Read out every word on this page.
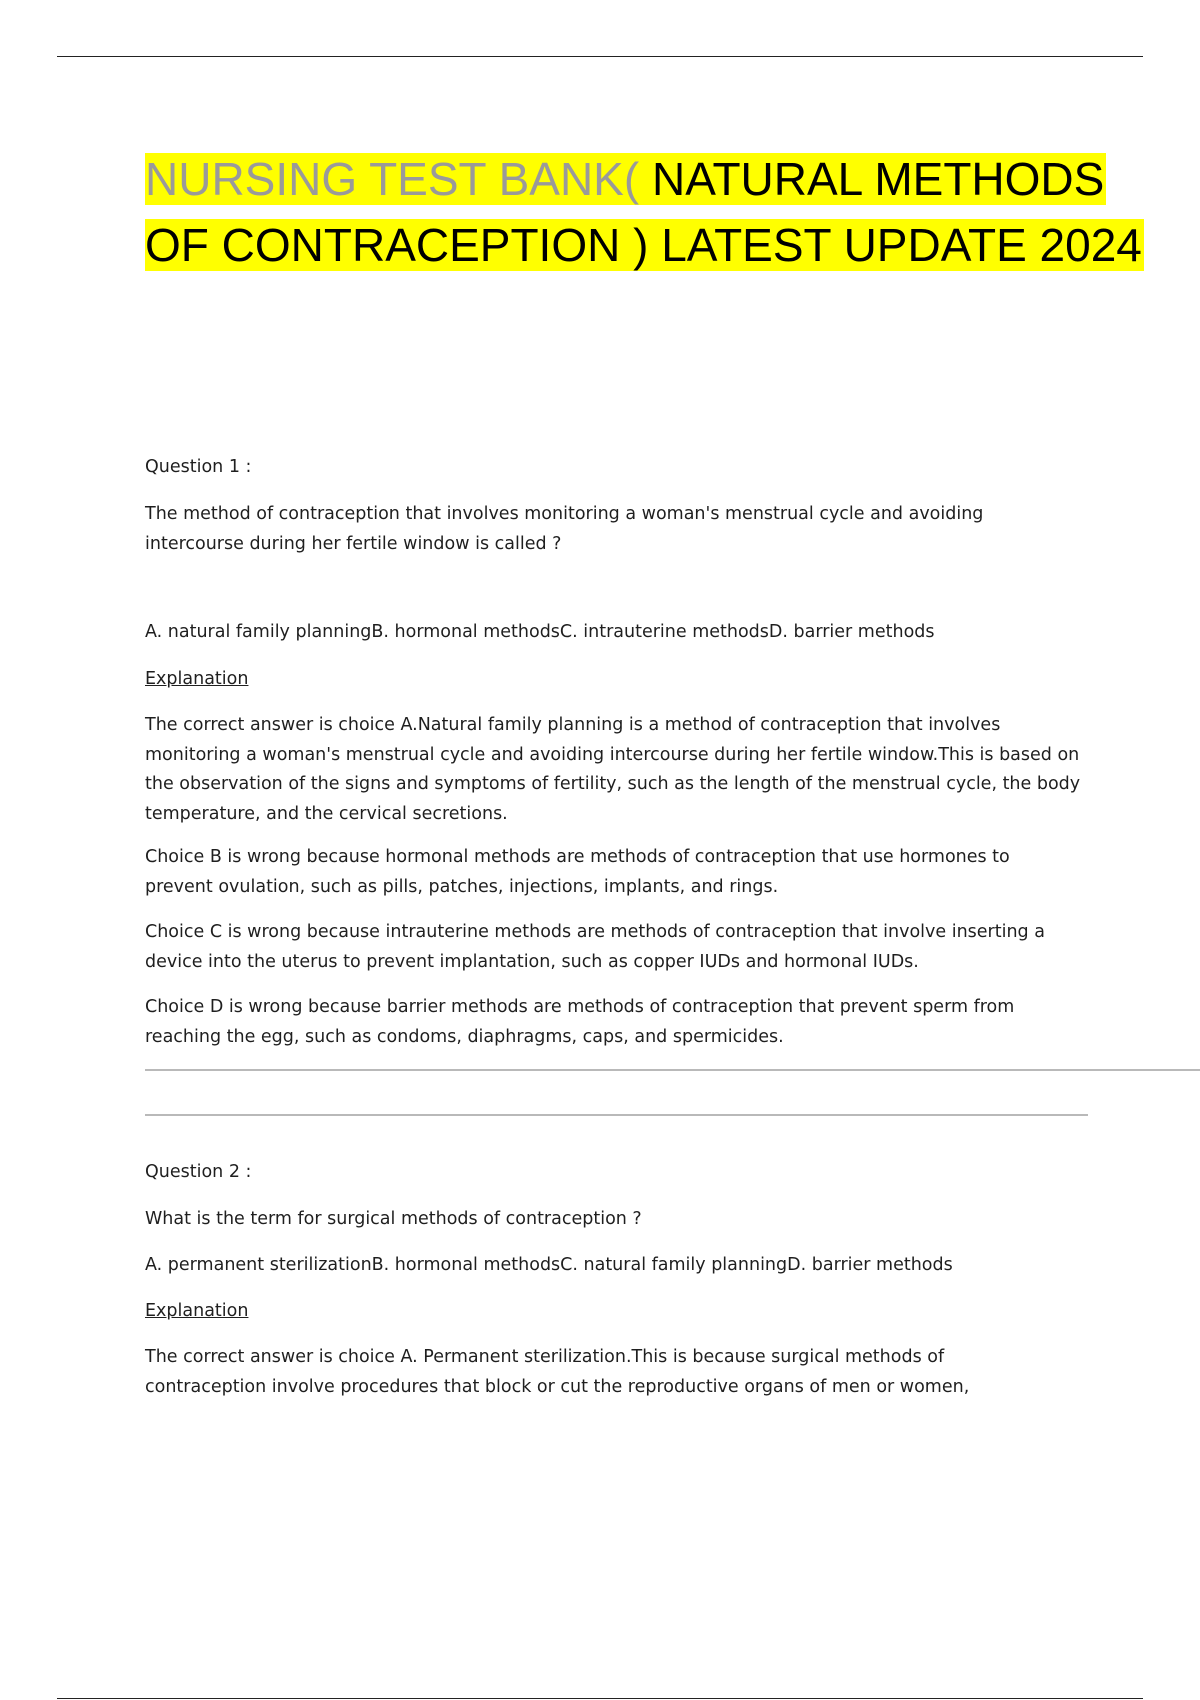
NURSING TEST BANK( NATURAL METHODS OF CONTRACEPTION ) LATEST UPDATE 2024

Question 1 :

The method of contraception that involves monitoring a woman's menstrual cycle and avoiding intercourse during her fertile window is called ?

A. natural family planningB. hormonal methodsC. intrauterine methodsD. barrier methods

Explanation

The correct answer is choice A.Natural family planning is a method of contraception that involves monitoring a woman's menstrual cycle and avoiding intercourse during her fertile window.This is based on the observation of the signs and symptoms of fertility, such as the length of the menstrual cycle, the body temperature, and the cervical secretions.

Choice B is wrong because hormonal methods are methods of contraception that use hormones to prevent ovulation, such as pills, patches, injections, implants, and rings.

Choice C is wrong because intrauterine methods are methods of contraception that involve inserting a device into the uterus to prevent implantation, such as copper IUDs and hormonal IUDs.

Choice D is wrong because barrier methods are methods of contraception that prevent sperm from reaching the egg, such as condoms, diaphragms, caps, and spermicides.

Question 2 :

What is the term for surgical methods of contraception ?

A. permanent sterilizationB. hormonal methodsC. natural family planningD. barrier methods

Explanation

The correct answer is choice A. Permanent sterilization.This is because surgical methods of contraception involve procedures that block or cut the reproductive organs of men or women,
